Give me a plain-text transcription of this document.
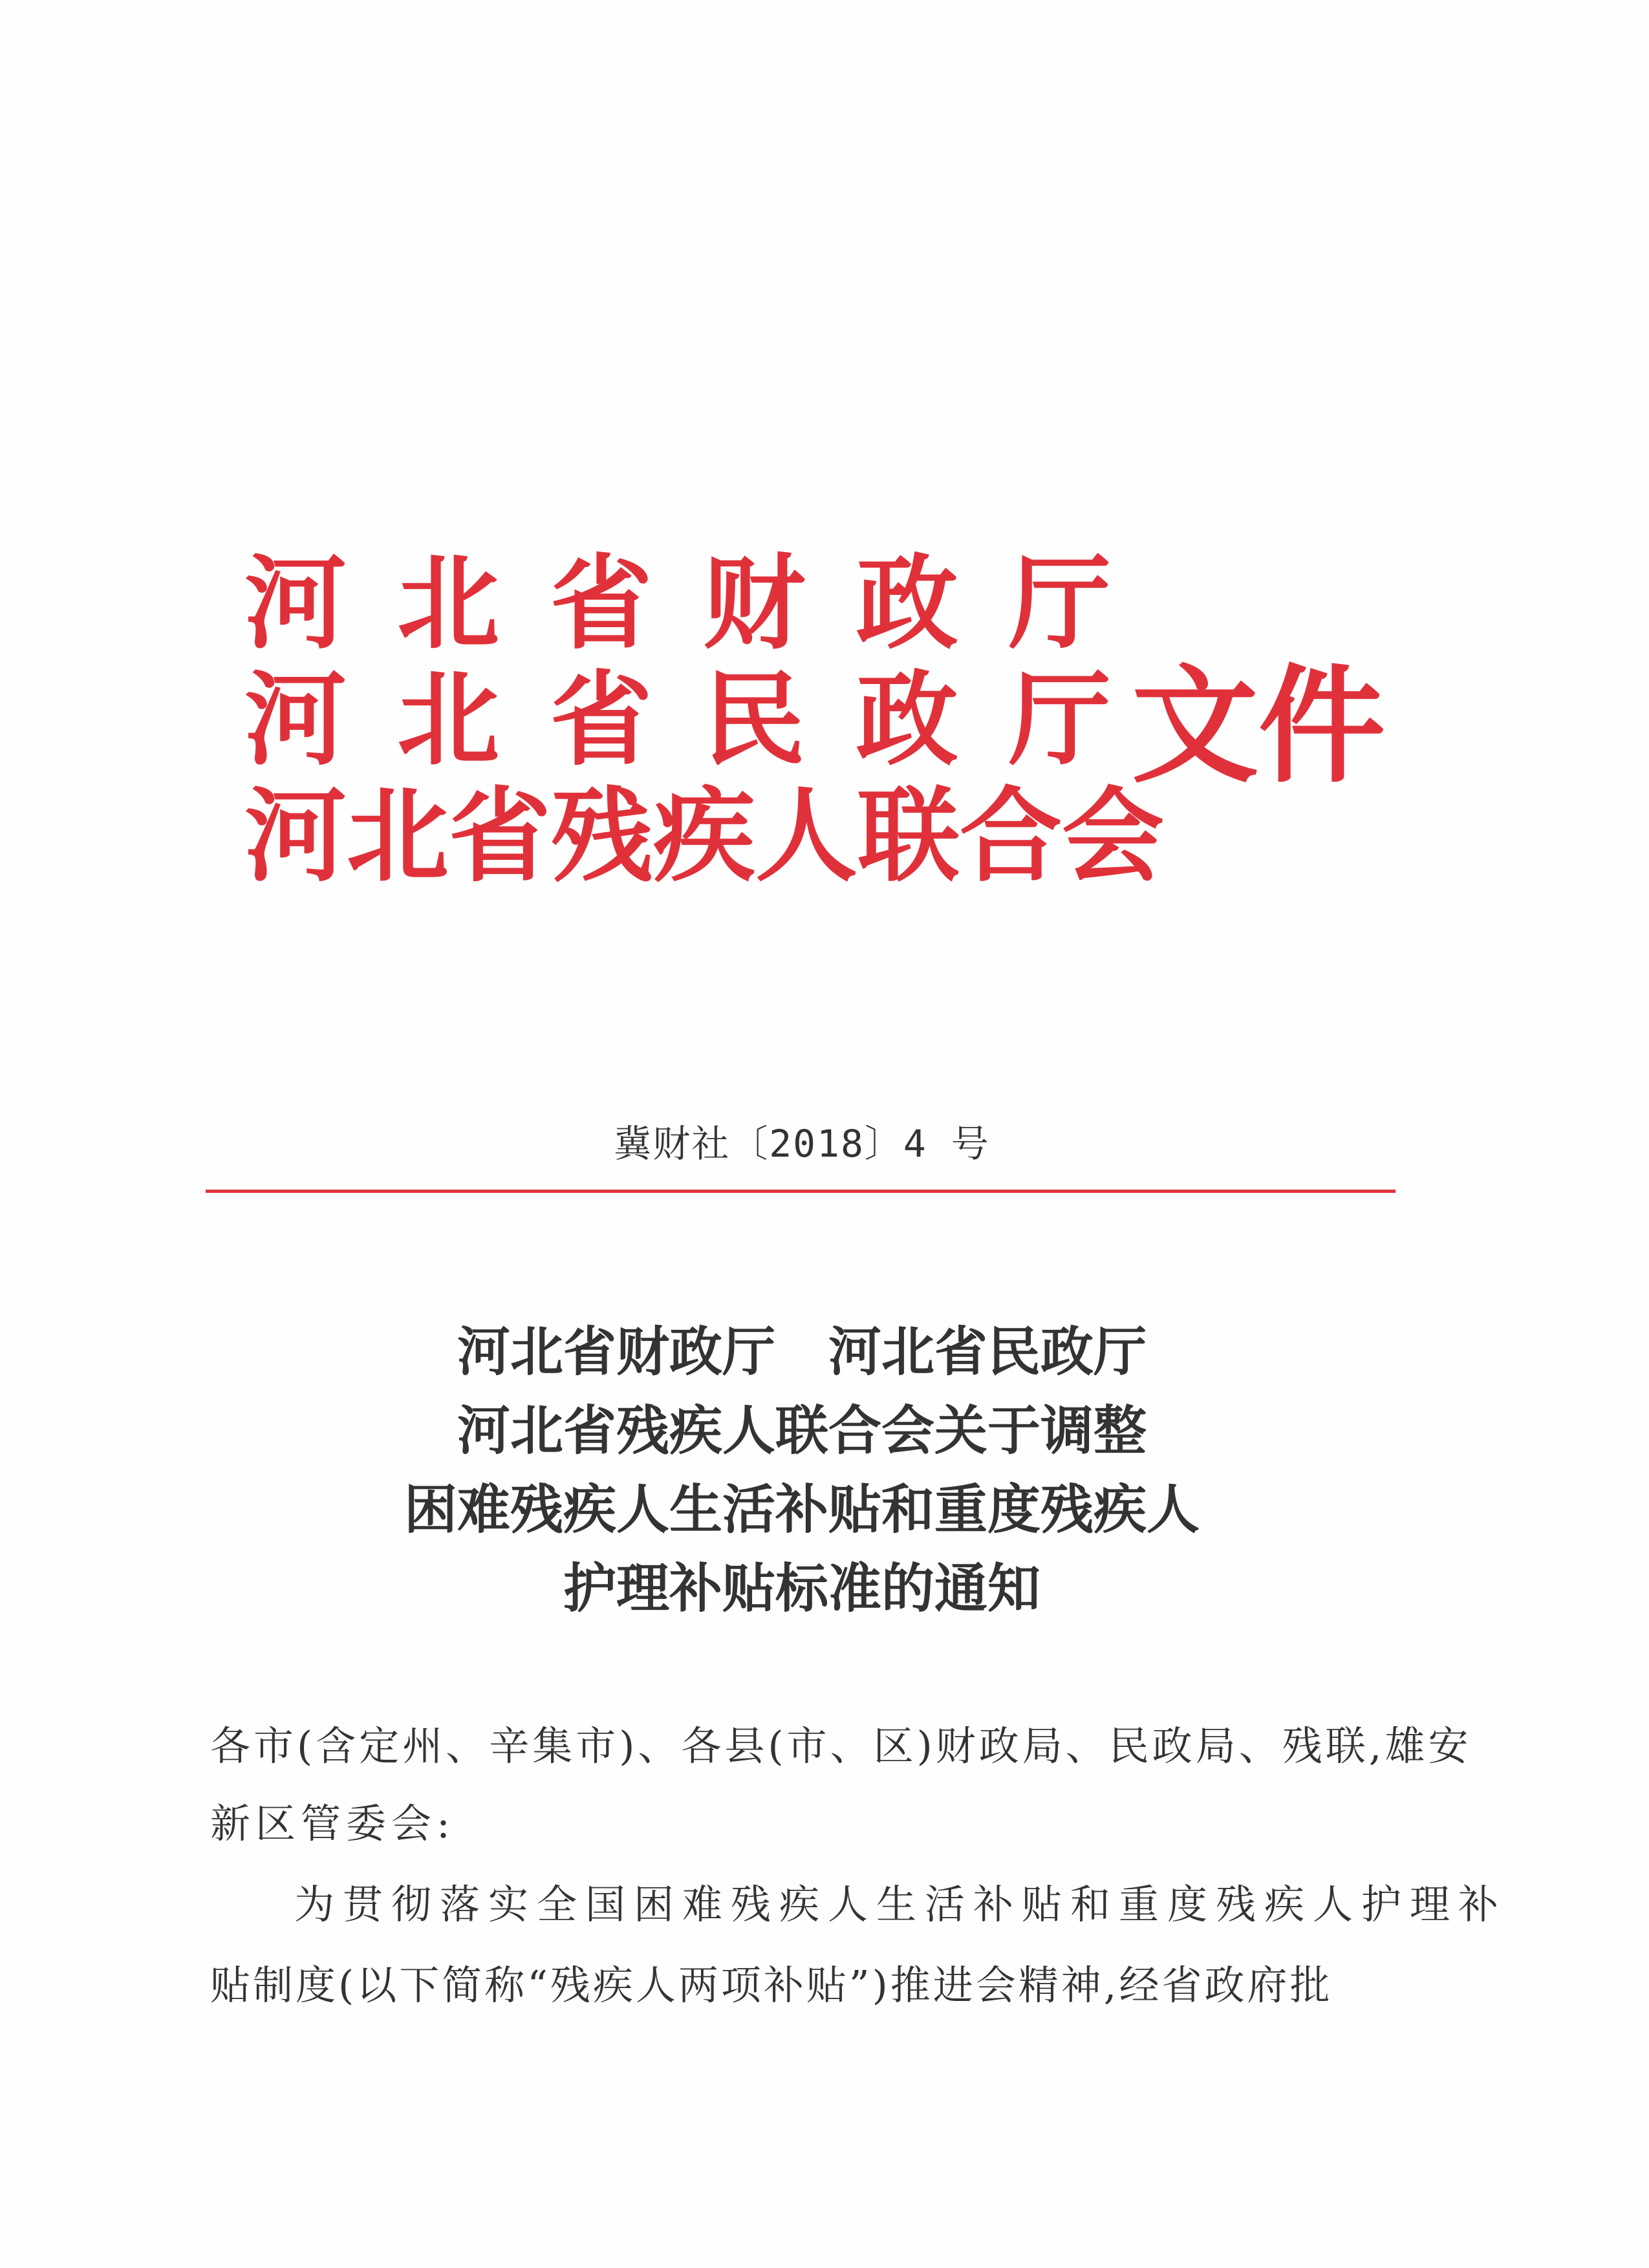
河 北 省 财 政 厅
河 北 省 民 政 厅
河北省残疾人联合会
文件
冀财社〔2018〕4 号
河北省财政厅 河北省民政厅
河北省残疾人联合会关于调整
困难残疾人生活补贴和重度残疾人
护理补贴标准的通知
各市(含定州、辛集市)、各县(市、区)财政局、民政局、残联,雄安
新区管委会:
为贯彻落实全国困难残疾人生活补贴和重度残疾人护理补
贴制度(以下简称“残疾人两项补贴”)推进会精神,经省政府批
